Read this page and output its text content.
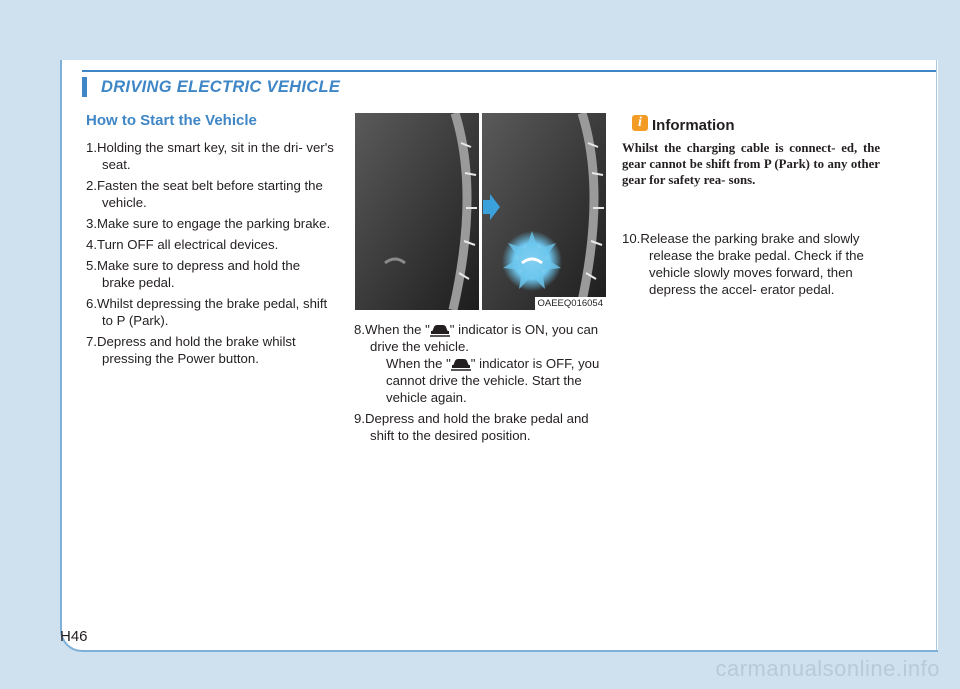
DRIVING ELECTRIC VEHICLE
How to Start the Vehicle
1.Holding the smart key, sit in the dri- ver's seat.
2.Fasten the seat belt before starting the vehicle.
3.Make sure to engage the parking brake.
4.Turn OFF all electrical devices.
5.Make sure to depress and hold the brake pedal.
6.Whilst depressing the brake pedal, shift to P (Park).
7.Depress and hold the brake whilst pressing the Power button.
OAEEQ016054
8.When the " " indicator is ON, you can drive the vehicle.
When the " " indicator is OFF, you cannot drive the vehicle. Start the vehicle again.
9.Depress and hold the brake pedal and shift to the desired position.
i Information
Whilst the charging cable is connect- ed, the gear cannot be shift from P (Park) to any other gear for safety rea- sons.
10.Release the parking brake and slowly release the brake pedal. Check if the vehicle slowly moves forward, then depress the accel- erator pedal.
H46
carmanualsonline.info
